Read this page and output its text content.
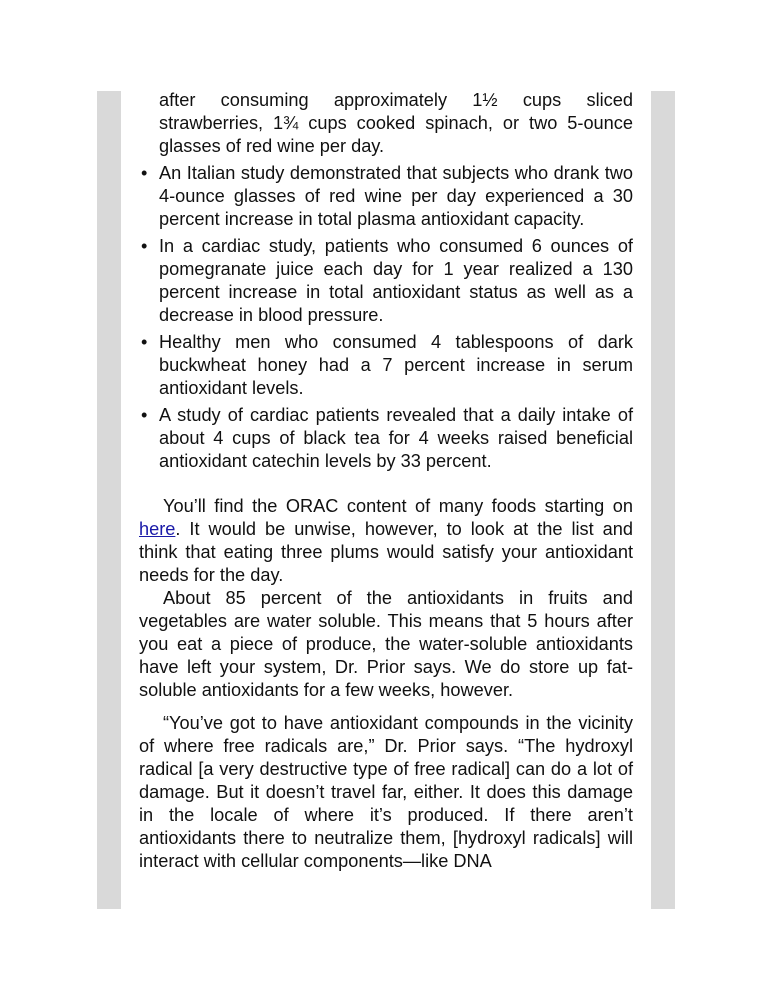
after consuming approximately 1½ cups sliced strawberries, 1¾ cups cooked spinach, or two 5-ounce glasses of red wine per day.
• An Italian study demonstrated that subjects who drank two 4-ounce glasses of red wine per day experienced a 30 percent increase in total plasma antioxidant capacity.
• In a cardiac study, patients who consumed 6 ounces of pomegranate juice each day for 1 year realized a 130 percent increase in total antioxidant status as well as a decrease in blood pressure.
• Healthy men who consumed 4 tablespoons of dark buckwheat honey had a 7 percent increase in serum antioxidant levels.
• A study of cardiac patients revealed that a daily intake of about 4 cups of black tea for 4 weeks raised beneficial antioxidant catechin levels by 33 percent.

You’ll find the ORAC content of many foods starting on here. It would be unwise, however, to look at the list and think that eating three plums would satisfy your antioxidant needs for the day.

About 85 percent of the antioxidants in fruits and vegetables are water soluble. This means that 5 hours after you eat a piece of produce, the water-soluble antioxidants have left your system, Dr. Prior says. We do store up fat-soluble antioxidants for a few weeks, however.

“You’ve got to have antioxidant compounds in the vicinity of where free radicals are,” Dr. Prior says. “The hydroxyl radical [a very destructive type of free radical] can do a lot of damage. But it doesn’t travel far, either. It does this damage in the locale of where it’s produced. If there aren’t antioxidants there to neutralize them, [hydroxyl radicals] will interact with cellular components—like DNA
